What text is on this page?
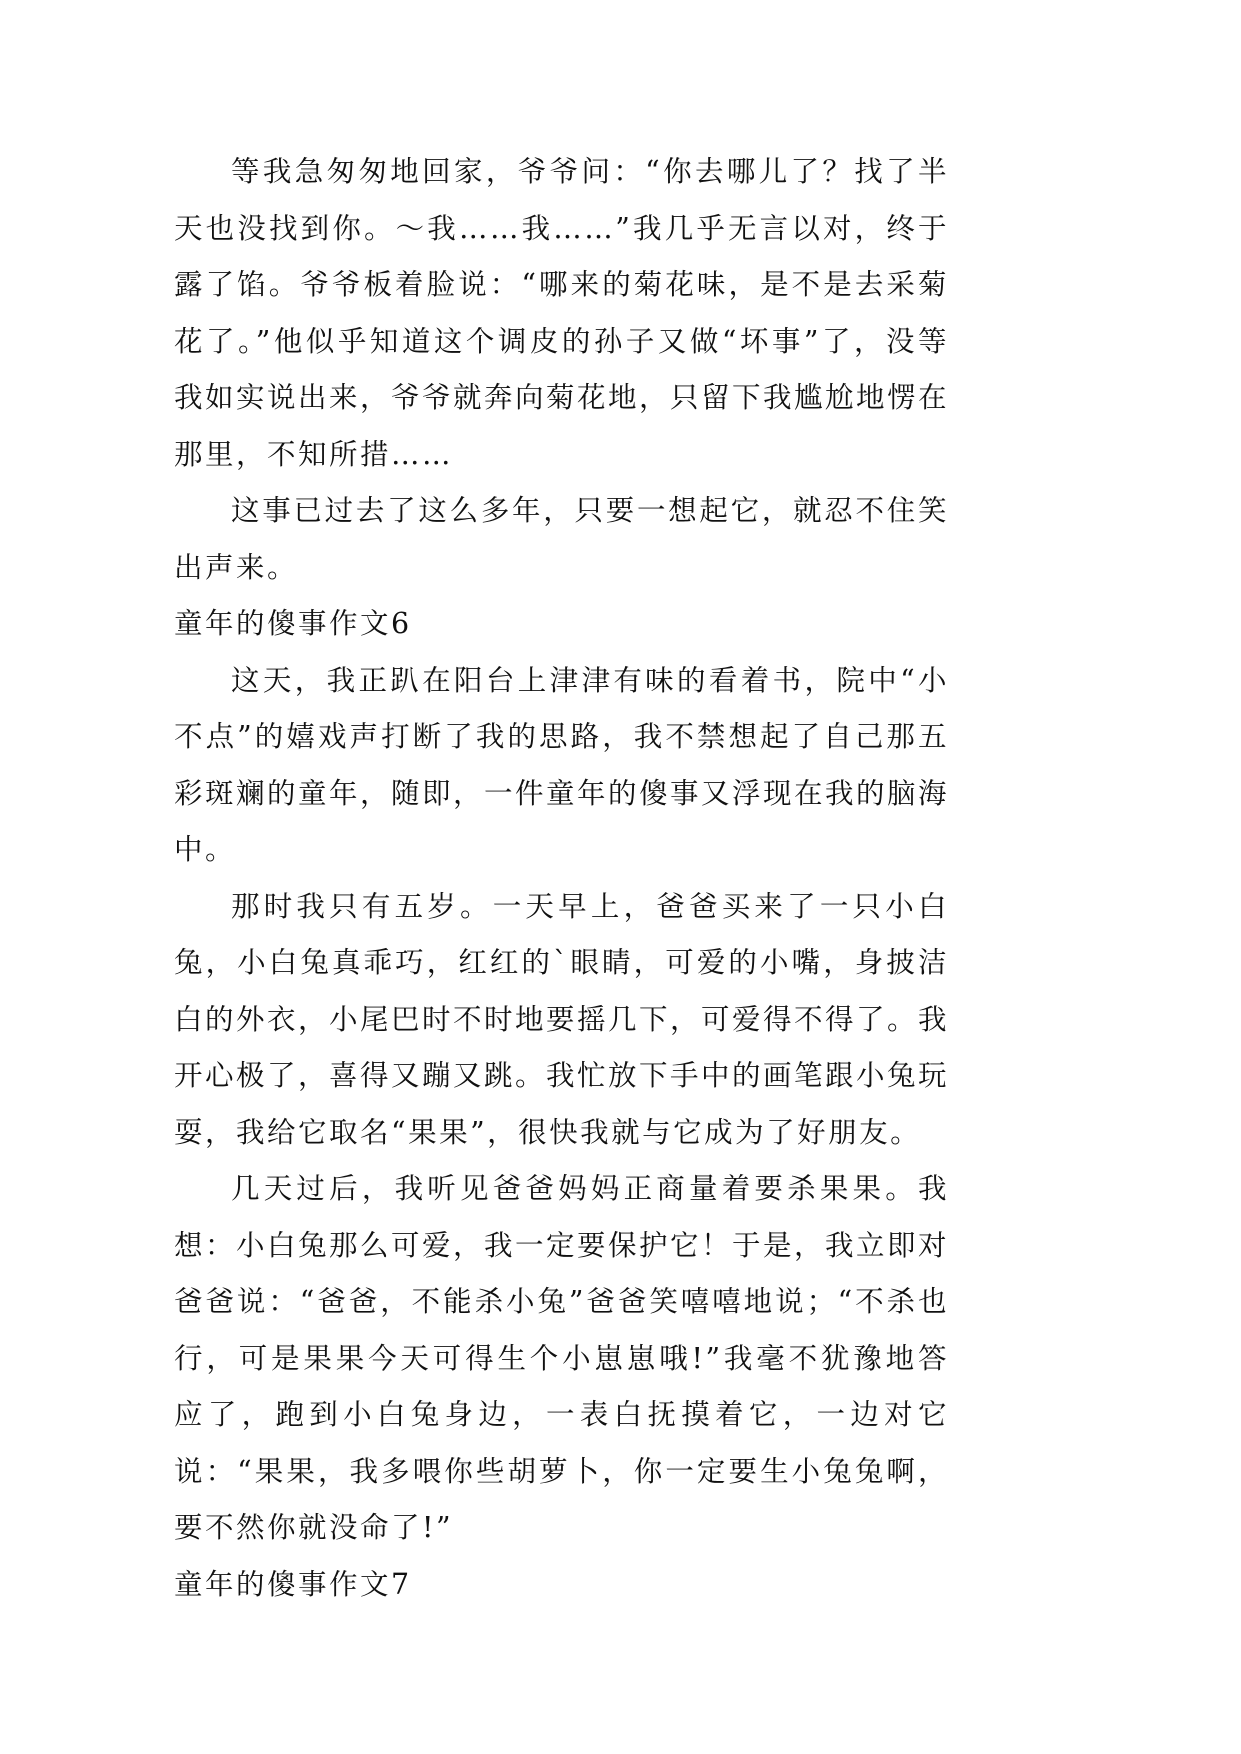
等我急匆匆地回家，爷爷问：“你去哪儿了？找了半天也没找到你。～我……我……”我几乎无言以对，终于露了馅。爷爷板着脸说：“哪来的菊花味，是不是去采菊花了。”他似乎知道这个调皮的孙子又做“坏事”了，没等我如实说出来，爷爷就奔向菊花地，只留下我尴尬地愣在那里，不知所措……

这事已过去了这么多年，只要一想起它，就忍不住笑出声来。

童年的傻事作文6

这天，我正趴在阳台上津津有味的看着书，院中“小不点”的嬉戏声打断了我的思路，我不禁想起了自己那五彩斑斓的童年，随即，一件童年的傻事又浮现在我的脑海中。

那时我只有五岁。一天早上，爸爸买来了一只小白兔，小白兔真乖巧，红红的`眼睛，可爱的小嘴，身披洁白的外衣，小尾巴时不时地要摇几下，可爱得不得了。我开心极了，喜得又蹦又跳。我忙放下手中的画笔跟小兔玩耍，我给它取名“果果”，很快我就与它成为了好朋友。

几天过后，我听见爸爸妈妈正商量着要杀果果。我想：小白兔那么可爱，我一定要保护它！于是，我立即对爸爸说：“爸爸，不能杀小兔”爸爸笑嘻嘻地说；“不杀也行，可是果果今天可得生个小崽崽哦!”我毫不犹豫地答应了，跑到小白兔身边，一表白抚摸着它，一边对它说：“果果，我多喂你些胡萝卜，你一定要生小兔兔啊，要不然你就没命了!”

童年的傻事作文7
